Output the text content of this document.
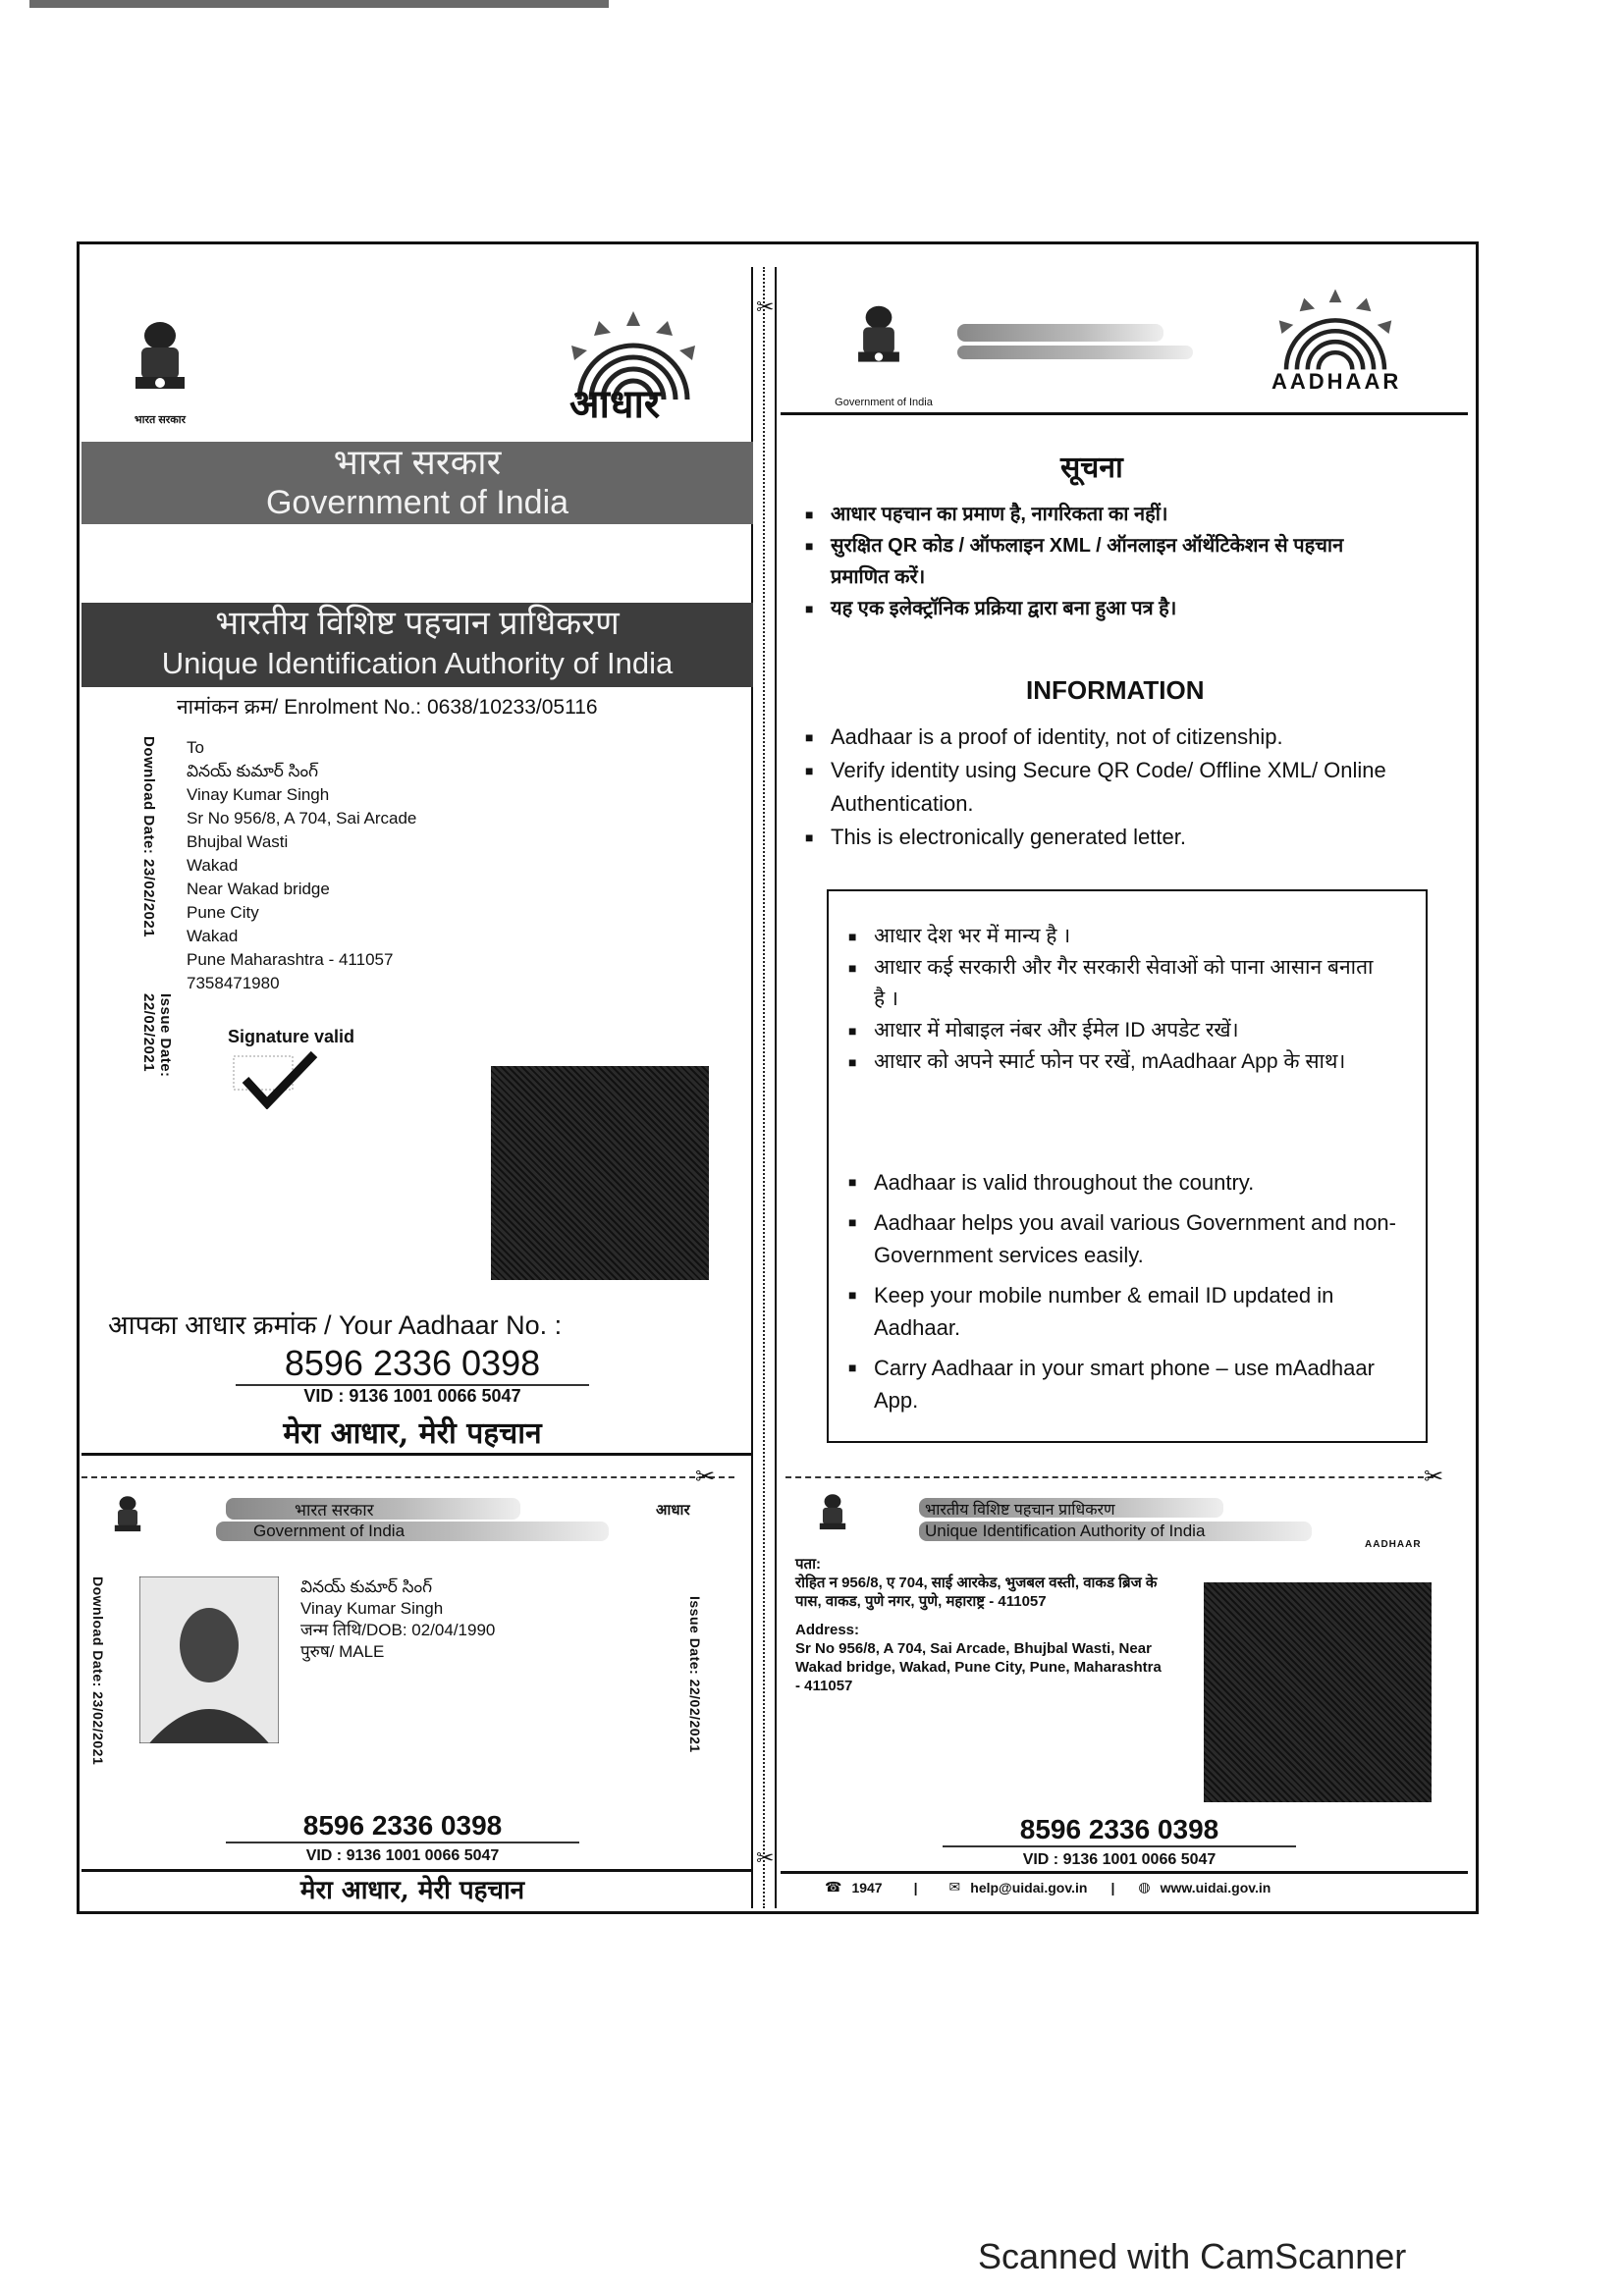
✂
✂
भारत सरकार	आधार
भारत सरकार
Government of India
भारतीय विशिष्ट पहचान प्राधिकरण
Unique Identification Authority of India
नामांकन क्रम/ Enrolment No.: 0638/10233/05116
Download Date: 23/02/2021
Issue Date: 22/02/2021
To
వినయ్ కుమార్ సింగ్
Vinay Kumar Singh
Sr No 956/8, A 704, Sai Arcade
Bhujbal Wasti
Wakad
Near Wakad bridge
Pune City
Wakad
Pune Maharashtra - 411057
7358471980
Signature valid
आपका आधार क्रमांक / Your Aadhaar No. :
8596 2336 0398
VID : 9136 1001 0066 5047
मेरा आधार, मेरी पहचान
Government of India
AADHAAR
सूचना
■ आधार पहचान का प्रमाण है, नागरिकता का नहीं।
■ सुरक्षित QR कोड / ऑफलाइन XML / ऑनलाइन ऑथेंटिकेशन से पहचान प्रमाणित करें।
■ यह एक इलेक्ट्रॉनिक प्रक्रिया द्वारा बना हुआ पत्र है।
INFORMATION
■ Aadhaar is a proof of identity, not of citizenship.
■ Verify identity using Secure QR Code/ Offline XML/ Online Authentication.
■ This is electronically generated letter.
■ आधार देश भर में मान्य है ।
■ आधार कई सरकारी और गैर सरकारी सेवाओं को पाना आसान बनाता है ।
■ आधार में मोबाइल नंबर और ईमेल ID अपडेट रखें।
■ आधार को अपने स्मार्ट फोन पर रखें, mAadhaar App के साथ।
■ Aadhaar is valid throughout the country.
■ Aadhaar helps you avail various Government and non-Government services easily.
■ Keep your mobile number & email ID updated in Aadhaar.
■ Carry Aadhaar in your smart phone – use mAadhaar App.
✂	✂
भारत सरकार
Government of India
आधार
Download Date: 23/02/2021	Issue Date: 22/02/2021
వినయ్ కుమార్ సింగ్
Vinay Kumar Singh
जन्म तिथि/DOB: 02/04/1990
पुरुष/ MALE
8596 2336 0398
VID : 9136 1001 0066 5047
मेरा आधार, मेरी पहचान
भारतीय विशिष्ट पहचान प्राधिकरण
Unique Identification Authority of India
AADHAAR
पता:
रोहित न 956/8, ए 704, साई आरकेड, भुजबल वस्ती, वाकड ब्रिज के पास, वाकड, पुणे नगर, पुणे, महाराष्ट्र - 411057
Address:
Sr No 956/8, A 704, Sai Arcade, Bhujbal Wasti, Near Wakad bridge, Wakad, Pune City, Pune, Maharashtra - 411057
8596 2336 0398
VID : 9136 1001 0066 5047
☎ 1947 | ✉ help@uidai.gov.in | ◍ www.uidai.gov.in
Scanned with CamScanner
